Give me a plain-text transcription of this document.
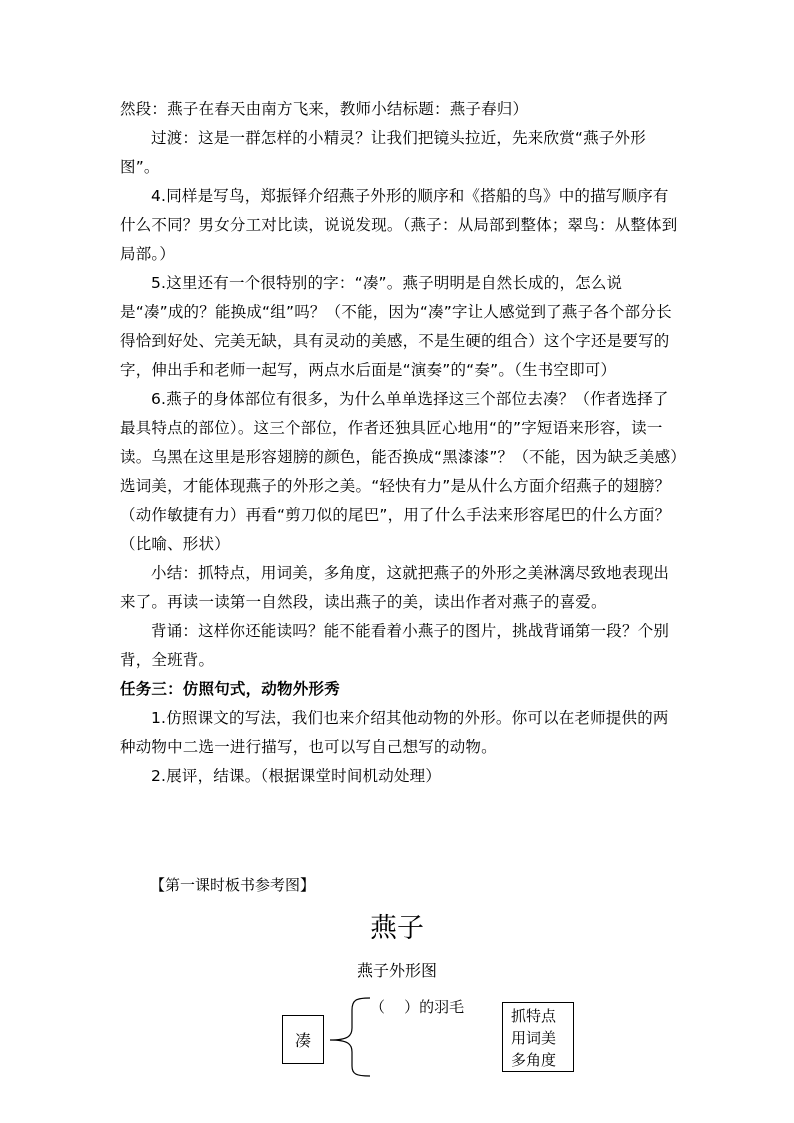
然段：燕子在春天由南方飞来，教师小结标题：燕子春归）

过渡：这是一群怎样的小精灵？让我们把镜头拉近，先来欣赏“燕子外形图”。

4.同样是写鸟，郑振铎介绍燕子外形的顺序和《搭船的鸟》中的描写顺序有什么不同？男女分工对比读，说说发现。（燕子：从局部到整体；翠鸟：从整体到局部。）

5.这里还有一个很特别的字：“凑”。燕子明明是自然长成的，怎么说是“凑”成的？能换成“组”吗？（不能，因为“凑”字让人感觉到了燕子各个部分长得恰到好处、完美无缺，具有灵动的美感，不是生硬的组合）这个字还是要写的字，伸出手和老师一起写，两点水后面是“演奏”的“奏”。（生书空即可）

6.燕子的身体部位有很多，为什么单单选择这三个部位去凑？（作者选择了最具特点的部位）。这三个部位，作者还独具匠心地用“的”字短语来形容，读一读。乌黑在这里是形容翅膀的颜色，能否换成“黑漆漆”？（不能，因为缺乏美感）选词美，才能体现燕子的外形之美。“轻快有力”是从什么方面介绍燕子的翅膀？（动作敏捷有力）再看“剪刀似的尾巴”，用了什么手法来形容尾巴的什么方面？（比喻、形状）

小结：抓特点，用词美，多角度，这就把燕子的外形之美淋漓尽致地表现出来了。再读一读第一自然段，读出燕子的美，读出作者对燕子的喜爱。

背诵：这样你还能读吗？能不能看着小燕子的图片，挑战背诵第一段？个别背，全班背。

任务三：仿照句式，动物外形秀

1.仿照课文的写法，我们也来介绍其他动物的外形。你可以在老师提供的两种动物中二选一进行描写，也可以写自己想写的动物。

2.展评，结课。（根据课堂时间机动处理）

【第一课时板书参考图】
燕子
燕子外形图
（    ）的羽毛
凑
抓特点
用词美
多角度
